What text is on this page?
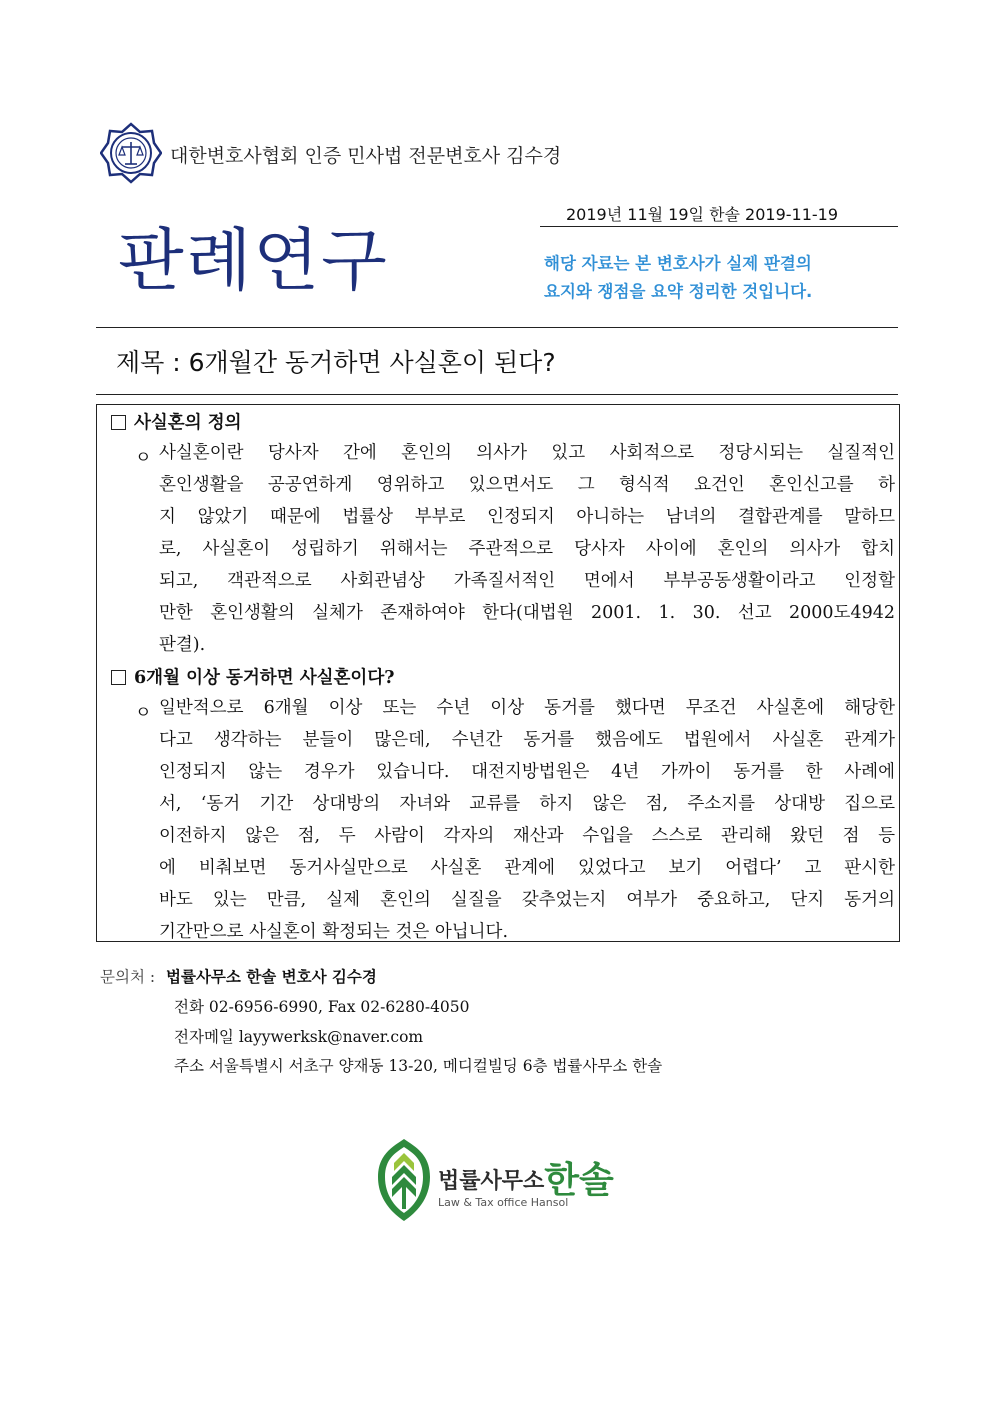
대한변호사협회 인증 민사법 전문변호사 김수경
2019년 11월 19일 한솔 2019-11-19
판례연구	해당 자료는 본 변호사가 실제 판결의
요지와 쟁점을 요약 정리한 것입니다.
제목 : 6개월간 동거하면 사실혼이 된다?
사실혼의 정의
ㅇ 사실혼이란 당사자 간에 혼인의 의사가 있고 사회적으로 정당시되는 실질적인
혼인생활을 공공연하게 영위하고 있으면서도 그 형식적 요건인 혼인신고를 하
지 않았기 때문에 법률상 부부로 인정되지 아니하는 남녀의 결합관계를 말하므
로, 사실혼이 성립하기 위해서는 주관적으로 당사자 사이에 혼인의 의사가 합치
되고, 객관적으로 사회관념상 가족질서적인 면에서 부부공동생활이라고 인정할
만한 혼인생활의 실체가 존재하여야 한다(대법원 2001. 1. 30. 선고 2000도4942
판결).
6개월 이상 동거하면 사실혼이다?
ㅇ 일반적으로 6개월 이상 또는 수년 이상 동거를 했다면 무조건 사실혼에 해당한
다고 생각하는 분들이 많은데, 수년간 동거를 했음에도 법원에서 사실혼 관계가
인정되지 않는 경우가 있습니다. 대전지방법원은 4년 가까이 동거를 한 사례에
서, ‘동거 기간 상대방의 자녀와 교류를 하지 않은 점, 주소지를 상대방 집으로
이전하지 않은 점, 두 사람이 각자의 재산과 수입을 스스로 관리해 왔던 점 등
에 비춰보면 동거사실만으로 사실혼 관계에 있었다고 보기 어렵다’ 고 판시한
바도 있는 만큼, 실제 혼인의 실질을 갖추었는지 여부가 중요하고, 단지 동거의
기간만으로 사실혼이 확정되는 것은 아닙니다.
문의처 : 법률사무소 한솔 변호사 김수경
전화 02-6956-6990, Fax 02-6280-4050
전자메일 layywerksk@naver.com
주소 서울특별시 서초구 양재동 13-20, 메디컬빌딩 6층 법률사무소 한솔
법률사무소한솔
Law & Tax office Hansol
